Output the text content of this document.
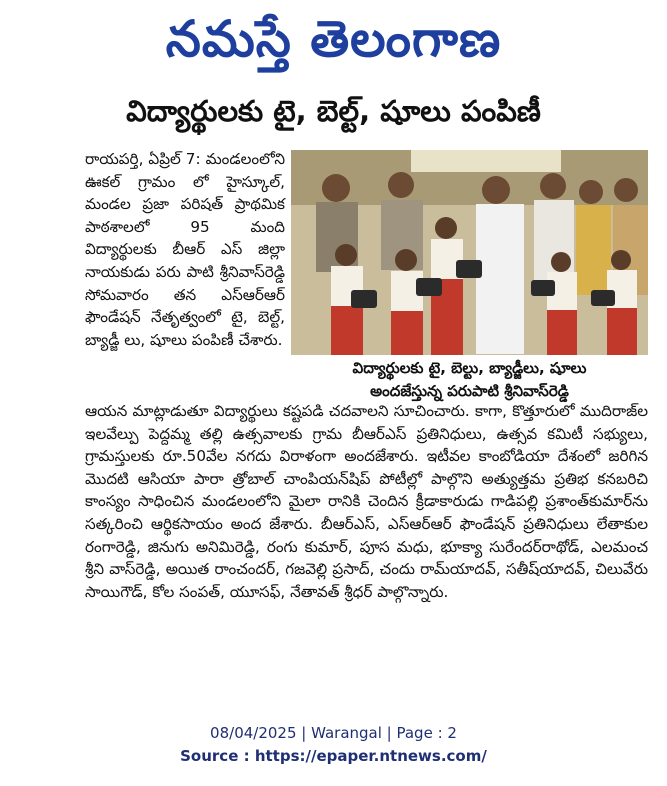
నమస్తే తెలంగాణ
విద్యార్థులకు టై, బెల్ట్, షూలు పంపిణీ
రాయపర్తి, ఏప్రిల్ 7: మండలంలోని ఊకల్ గ్రామం లో హైస్కూల్, మండల ప్రజా పరిషత్ ప్రాథమిక పాఠశాలలో 95 మంది విద్యార్థులకు బీఆర్ ఎస్ జిల్లా నాయకుడు పరు పాటి శ్రీనివాస్‌రెడ్డి సోమవారం తన ఎస్‌ఆర్‌ఆర్ ఫౌండేషన్ నేతృత్వంలో టై, బెల్ట్, బ్యాడ్జీ లు, షూలు పంపిణీ చేశారు.
విద్యార్థులకు టై, బెల్టు, బ్యాడ్జీలు, షూలు
అందజేస్తున్న పరుపాటి శ్రీనివాస్‌రెడ్డి
ఆయన మాట్లాడుతూ విద్యార్థులు కష్టపడి చదవాలని సూచించారు. కాగా, కొత్తూరులో ముదిరాజ్‌ల ఇలవేల్పు పెద్దమ్మ తల్లి ఉత్సవాలకు గ్రామ బీఆర్‌ఎస్ ప్రతినిధులు, ఉత్సవ కమిటీ సభ్యులు, గ్రామస్తులకు రూ.50వేల నగదు విరాళంగా అందజేశారు. ఇటీవల కాంబోడియా దేశంలో జరిగిన మొదటి ఆసియా పారా త్రోబాల్ చాంపియన్‌షిప్ పోటీల్లో పాల్గొని అత్యుత్తమ ప్రతిభ కనబరిచి కాంస్యం సాధించిన మండలంలోని మైలా రానికి చెందిన క్రీడాకారుడు గాడిపల్లి ప్రశాంత్‌కుమార్‌ను సత్కరించి ఆర్థికసాయం అంద జేశారు. బీఆర్‌ఎస్, ఎస్‌ఆర్‌ఆర్ ఫౌండేషన్ ప్రతినిధులు లేతాకుల రంగారెడ్డి, జినుగు అనిమిరెడ్డి, రంగు కుమార్, పూస మధు, భూక్యా సురేందర్‌రాథోడ్, ఎలమంచ శ్రీని వాస్‌రెడ్డి, అయిత రాంచందర్, గజవెల్లి ప్రసాద్, చందు రామ్‌యాదవ్, సతీష్‌యాదవ్, చిలువేరు సాయిగౌడ్, కోల సంపత్, యూసఫ్, నేతావత్ శ్రీధర్ పాల్గొన్నారు.
08/04/2025 | Warangal | Page : 2
Source : https://epaper.ntnews.com/
